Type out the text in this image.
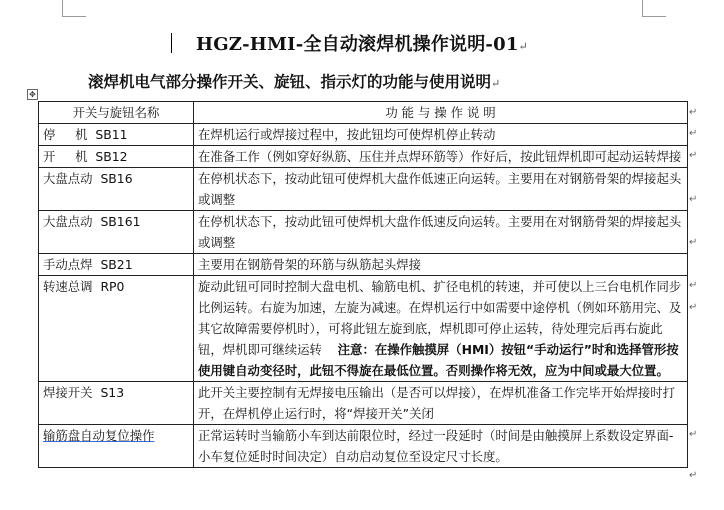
HGZ-HMI-全自动滚焊机操作说明-01↵
滚焊机电气部分操作开关、旋钮、指示灯的功能与使用说明↵
✥
开关与旋钮名称	功 能 与 操 作 说 明
停     机  SB11	在焊机运行或焊接过程中，按此钮均可使焊机停止转动
开     机  SB12	在准备工作（例如穿好纵筋、压住并点焊环筋等）作好后，按此钮焊机即可起动运转焊接
大盘点动  SB16	在停机状态下，按动此钮可使焊机大盘作低速正向运转。主要用在对钢筋骨架的焊接起头或调整
大盘点动  SB161	在停机状态下，按动此钮可使焊机大盘作低速反向运转。主要用在对钢筋骨架的焊接起头或调整
手动点焊  SB21	主要用在钢筋骨架的环筋与纵筋起头焊接
转速总调  RP0	旋动此钮可同时控制大盘电机、输筋电机、扩径电机的转速，并可使以上三台电机作同步比例运转。右旋为加速，左旋为减速。在焊机运行中如需要中途停机（例如环筋用完、及其它故障需要停机时），可将此钮左旋到底，焊机即可停止运转，待处理完后再右旋此钮，焊机即可继续运转 注意：在操作触摸屏（HMI）按钮“手动运行”时和选择管形按使用键自动变径时，此钮不得旋在最低位置。否则操作将无效，应为中间或最大位置。
焊接开关  S13	此开关主要控制有无焊接电压输出（是否可以焊接），在焊机准备工作完毕开始焊接时打开，在焊机停止运行时，将“焊接开关”关闭
输筋盘自动复位操作	正常运转时当输筋小车到达前限位时，经过一段延时（时间是由触摸屏上系数设定界面-小车复位延时时间决定）自动启动复位至设定尺寸长度。
↵
↵
↵
↵
↵
↵
↵
↵
↵
